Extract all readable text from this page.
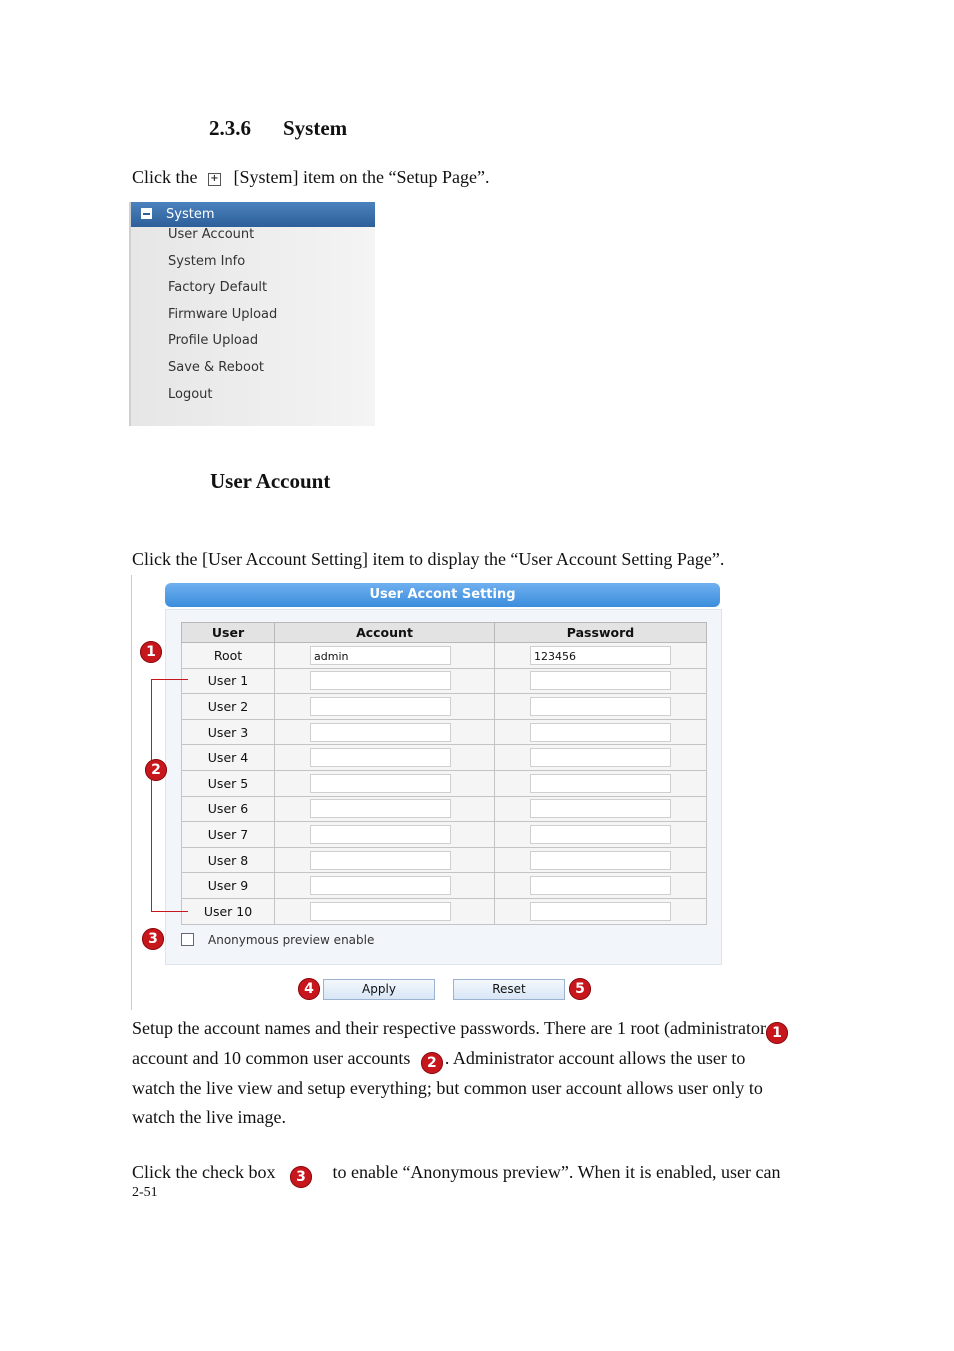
2.3.6 System
Click the + [System] item on the “Setup Page”.
System
User Account
System Info
Factory Default
Firmware Upload
Profile Upload
Save & Reboot
Logout
User Account
Click the [User Account Setting] item to display the “User Account Setting Page”.
User Accont Setting
User	Account	Password
Root	admin	123456

User 1	

User 2	

User 3	

User 4	

User 5	

User 6	

User 7	

User 8	

User 9	

User 10	

Anonymous preview enable
Apply	Reset
1
2
3
4	5
Setup the account names and their respective passwords. There are 1 root (administrator 1
account and 10 common user accounts 2 . Administrator account allows the user to
watch the live view and setup everything; but common user account allows user only to
watch the live image.
Click the check box 3 to enable “Anonymous preview”. When it is enabled, user can
2-51
